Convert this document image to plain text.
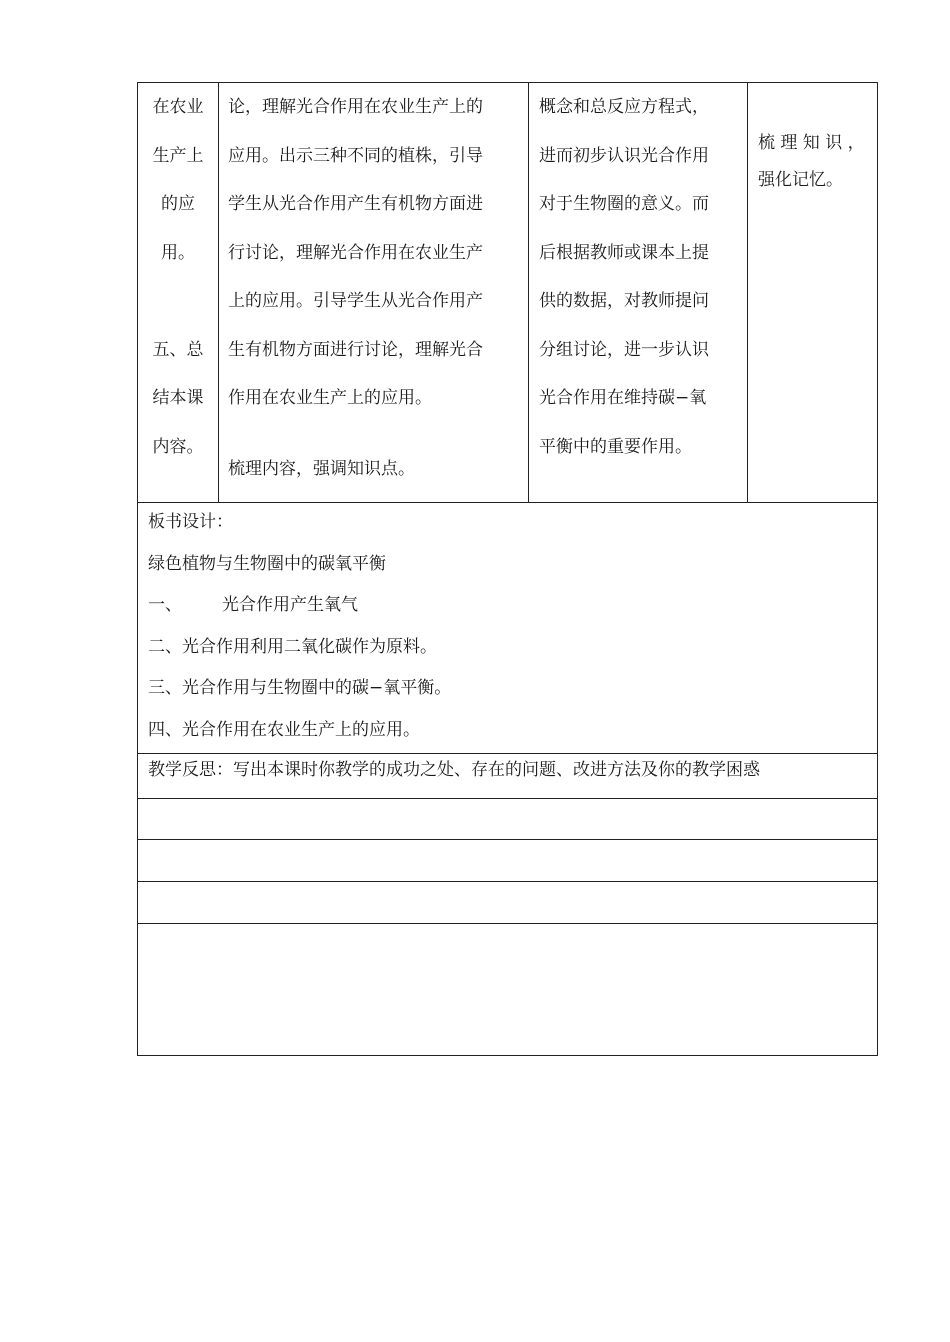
在农业
生产上
的应
用。
五、总
结本课
内容。
论，理解光合作用在农业生产上的
应用。出示三种不同的植株，引导
学生从光合作用产生有机物方面进
行讨论，理解光合作用在农业生产
上的应用。引导学生从光合作用产
生有机物方面进行讨论，理解光合
作用在农业生产上的应用。
梳理内容，强调知识点。
概念和总反应方程式，
进而初步认识光合作用
对于生物圈的意义。而
后根据教师或课本上提
供的数据，对教师提问
分组讨论，进一步认识
光合作用在维持碳−氧
平衡中的重要作用。
梳 理 知 识 ，
强化记忆。
板书设计：
绿色植物与生物圈中的碳氧平衡
一、 光合作用产生氧气
二、光合作用利用二氧化碳作为原料。
三、光合作用与生物圈中的碳−氧平衡。
四、光合作用在农业生产上的应用。
教学反思：写出本课时你教学的成功之处、存在的问题、改进方法及你的教学困惑
